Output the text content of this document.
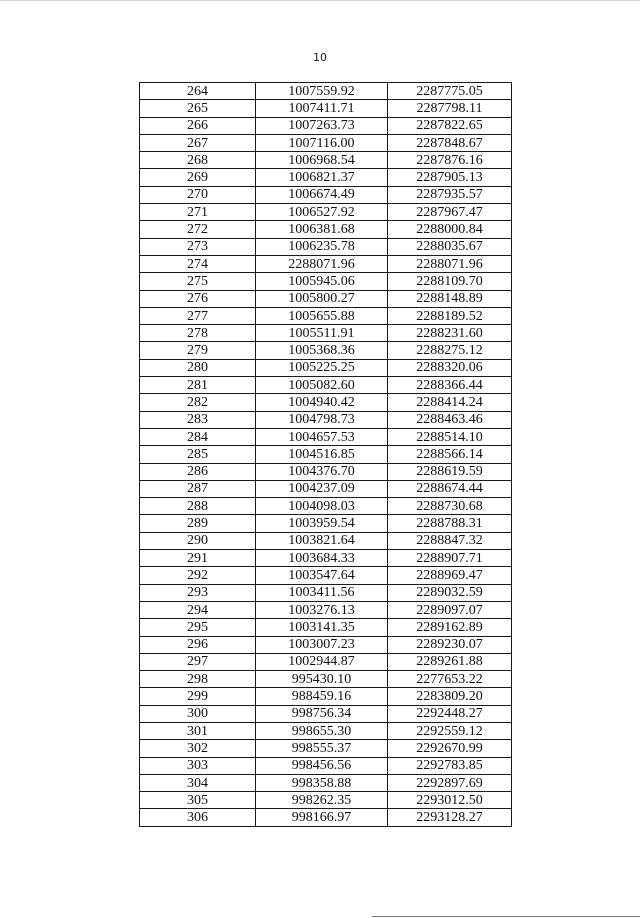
10
264	1007559.92	2287775.05
265	1007411.71	2287798.11
266	1007263.73	2287822.65
267	1007116.00	2287848.67
268	1006968.54	2287876.16
269	1006821.37	2287905.13
270	1006674.49	2287935.57
271	1006527.92	2287967.47
272	1006381.68	2288000.84
273	1006235.78	2288035.67
274	2288071.96	2288071.96
275	1005945.06	2288109.70
276	1005800.27	2288148.89
277	1005655.88	2288189.52
278	1005511.91	2288231.60
279	1005368.36	2288275.12
280	1005225.25	2288320.06
281	1005082.60	2288366.44
282	1004940.42	2288414.24
283	1004798.73	2288463.46
284	1004657.53	2288514.10
285	1004516.85	2288566.14
286	1004376.70	2288619.59
287	1004237.09	2288674.44
288	1004098.03	2288730.68
289	1003959.54	2288788.31
290	1003821.64	2288847.32
291	1003684.33	2288907.71
292	1003547.64	2288969.47
293	1003411.56	2289032.59
294	1003276.13	2289097.07
295	1003141.35	2289162.89
296	1003007.23	2289230.07
297	1002944.87	2289261.88
298	995430.10	2277653.22
299	988459.16	2283809.20
300	998756.34	2292448.27
301	998655.30	2292559.12
302	998555.37	2292670.99
303	998456.56	2292783.85
304	998358.88	2292897.69
305	998262.35	2293012.50
306	998166.97	2293128.27
